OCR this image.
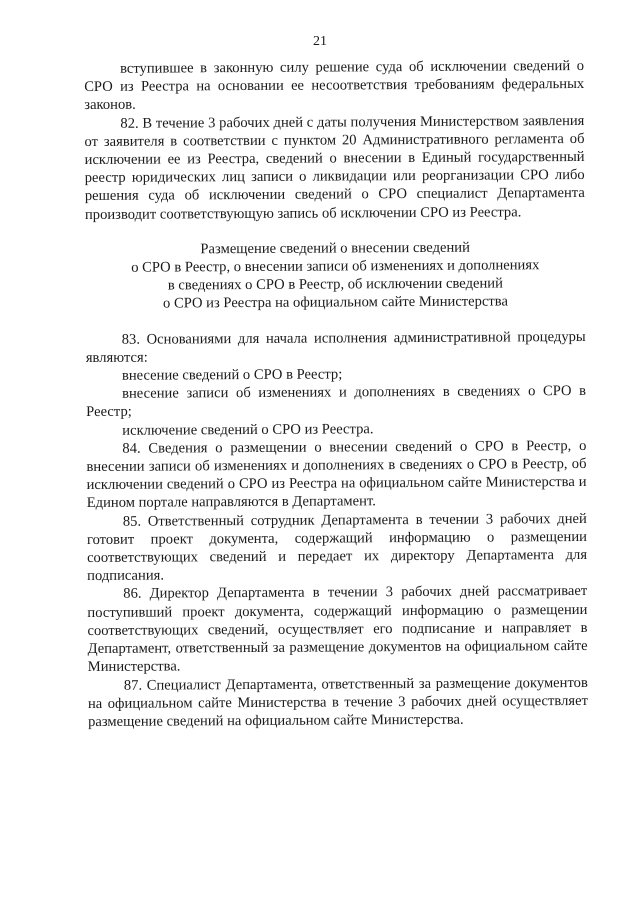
21

вступившее в законную силу решение суда об исключении сведений о СРО из Реестра на основании ее несоответствия требованиям федеральных законов.

82. В течение 3 рабочих дней с даты получения Министерством заявления от заявителя в соответствии с пунктом 20 Административного регламента об исключении ее из Реестра, сведений о внесении в Единый государственный реестр юридических лиц записи о ликвидации или реорганизации СРО либо решения суда об исключении сведений о СРО специалист Департамента производит соответствующую запись об исключении СРО из Реестра.

Размещение сведений о внесении сведений
о СРО в Реестр, о внесении записи об изменениях и дополнениях
в сведениях о СРО в Реестр, об исключении сведений
о СРО из Реестра на официальном сайте Министерства

83. Основаниями для начала исполнения административной процедуры являются:

внесение сведений о СРО в Реестр;

внесение записи об изменениях и дополнениях в сведениях о СРО в Реестр;

исключение сведений о СРО из Реестра.

84. Сведения о размещении о внесении сведений о СРО в Реестр, о внесении записи об изменениях и дополнениях в сведениях о СРО в Реестр, об исключении сведений о СРО из Реестра на официальном сайте Министерства и Едином портале направляются в Департамент.

85. Ответственный сотрудник Департамента в течении 3 рабочих дней готовит проект документа, содержащий информацию о размещении соответствующих сведений и передает их директору Департамента для подписания.

86. Директор Департамента в течении 3 рабочих дней рассматривает поступивший проект документа, содержащий информацию о размещении соответствующих сведений, осуществляет его подписание и направляет в Департамент, ответственный за размещение документов на официальном сайте Министерства.

87. Специалист Департамента, ответственный за размещение документов на официальном сайте Министерства в течение 3 рабочих дней осуществляет размещение сведений на официальном сайте Министерства.
